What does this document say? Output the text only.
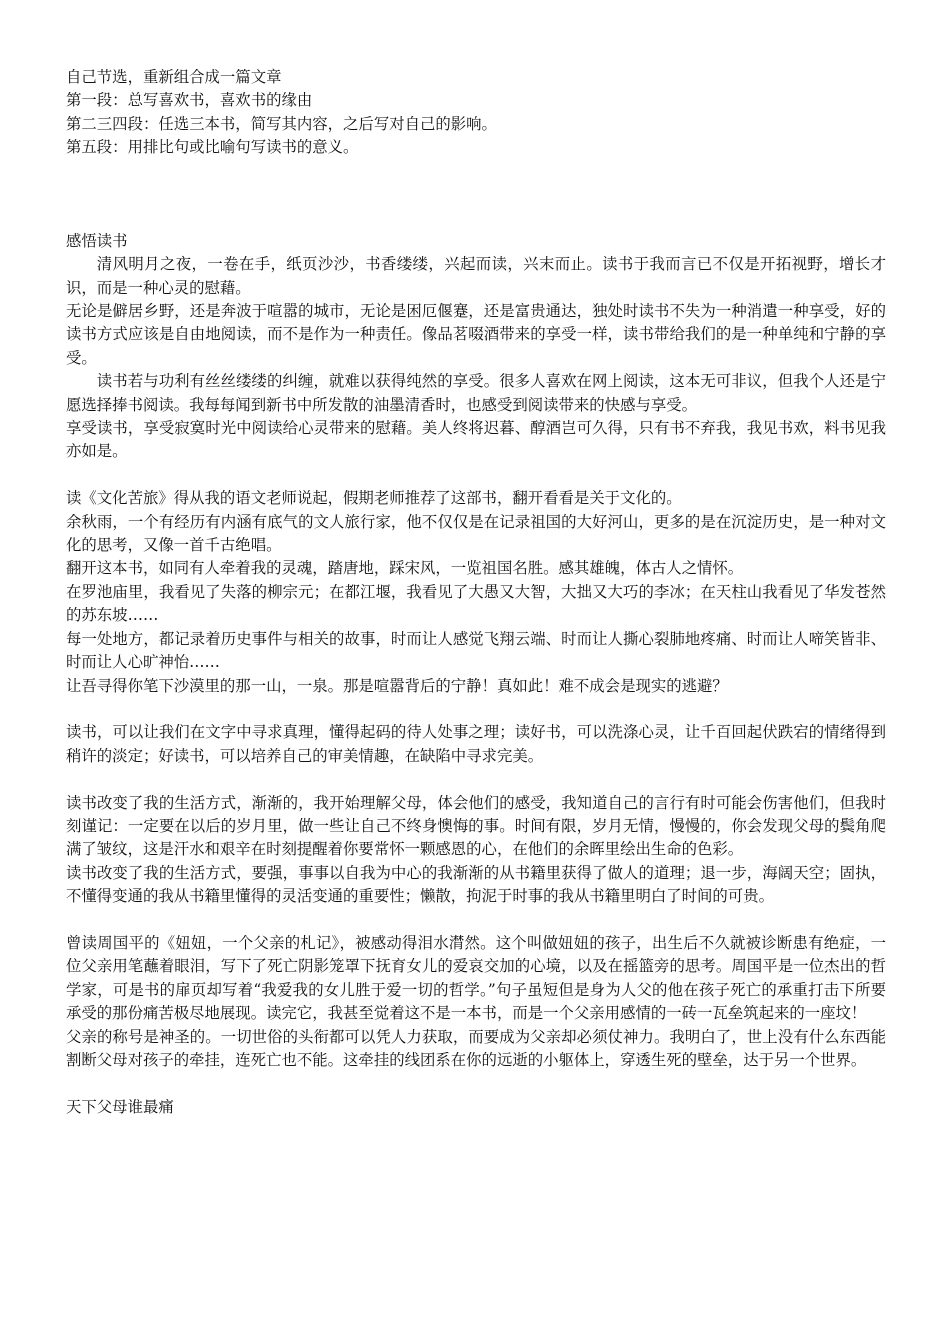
自己节选，重新组合成一篇文章

第一段：总写喜欢书，喜欢书的缘由

第二三四段：任选三本书，简写其内容，之后写对自己的影响。

第五段：用排比句或比喻句写读书的意义。

感悟读书

清风明月之夜，一卷在手，纸页沙沙，书香缕缕，兴起而读，兴末而止。读书于我而言已不仅是开拓视野，增长才识，而是一种心灵的慰藉。

无论是僻居乡野，还是奔波于喧嚣的城市，无论是困厄偃蹇，还是富贵通达，独处时读书不失为一种消遣一种享受，好的读书方式应该是自由地阅读，而不是作为一种责任。像品茗啜酒带来的享受一样，读书带给我们的是一种单纯和宁静的享受。

读书若与功利有丝丝缕缕的纠缠，就难以获得纯然的享受。很多人喜欢在网上阅读，这本无可非议，但我个人还是宁愿选择捧书阅读。我每每闻到新书中所发散的油墨清香时，也感受到阅读带来的快感与享受。

享受读书，享受寂寞时光中阅读给心灵带来的慰藉。美人终将迟暮、醇酒岂可久得，只有书不弃我，我见书欢，料书见我亦如是。

读《文化苦旅》得从我的语文老师说起，假期老师推荐了这部书，翻开看看是关于文化的。

余秋雨，一个有经历有内涵有底气的文人旅行家，他不仅仅是在记录祖国的大好河山，更多的是在沉淀历史，是一种对文化的思考，又像一首千古绝唱。

翻开这本书，如同有人牵着我的灵魂，踏唐地，踩宋风，一览祖国名胜。感其雄魄，体古人之情怀。

在罗池庙里，我看见了失落的柳宗元；在都江堰，我看见了大愚又大智，大拙又大巧的李冰；在天柱山我看见了华发苍然的苏东坡……

每一处地方，都记录着历史事件与相关的故事，时而让人感觉飞翔云端、时而让人撕心裂肺地疼痛、时而让人啼笑皆非、时而让人心旷神怡……

让吾寻得你笔下沙漠里的那一山，一泉。那是喧嚣背后的宁静！真如此！难不成会是现实的逃避？

读书，可以让我们在文字中寻求真理，懂得起码的待人处事之理；读好书，可以洗涤心灵，让千百回起伏跌宕的情绪得到稍许的淡定；好读书，可以培养自己的审美情趣，在缺陷中寻求完美。

读书改变了我的生活方式，渐渐的，我开始理解父母，体会他们的感受，我知道自己的言行有时可能会伤害他们，但我时刻谨记：一定要在以后的岁月里，做一些让自己不终身懊悔的事。时间有限，岁月无情，慢慢的，你会发现父母的鬓角爬满了皱纹，这是汗水和艰辛在时刻提醒着你要常怀一颗感恩的心，在他们的余晖里绘出生命的色彩。

读书改变了我的生活方式，要强，事事以自我为中心的我渐渐的从书籍里获得了做人的道理；退一步，海阔天空；固执，不懂得变通的我从书籍里懂得的灵活变通的重要性；懒散，拘泥于时事的我从书籍里明白了时间的可贵。

曾读周国平的《妞妞，一个父亲的札记》，被感动得泪水潸然。这个叫做妞妞的孩子，出生后不久就被诊断患有绝症，一位父亲用笔蘸着眼泪，写下了死亡阴影笼罩下抚育女儿的爱哀交加的心境，以及在摇篮旁的思考。周国平是一位杰出的哲学家，可是书的扉页却写着“我爱我的女儿胜于爱一切的哲学。”句子虽短但是身为人父的他在孩子死亡的承重打击下所要承受的那份痛苦极尽地展现。读完它，我甚至觉着这不是一本书，而是一个父亲用感情的一砖一瓦垒筑起来的一座坟！

父亲的称号是神圣的。一切世俗的头衔都可以凭人力获取，而要成为父亲却必须仗神力。我明白了，世上没有什么东西能割断父母对孩子的牵挂，连死亡也不能。这牵挂的线团系在你的远逝的小躯体上，穿透生死的壁垒，达于另一个世界。

天下父母谁最痛
